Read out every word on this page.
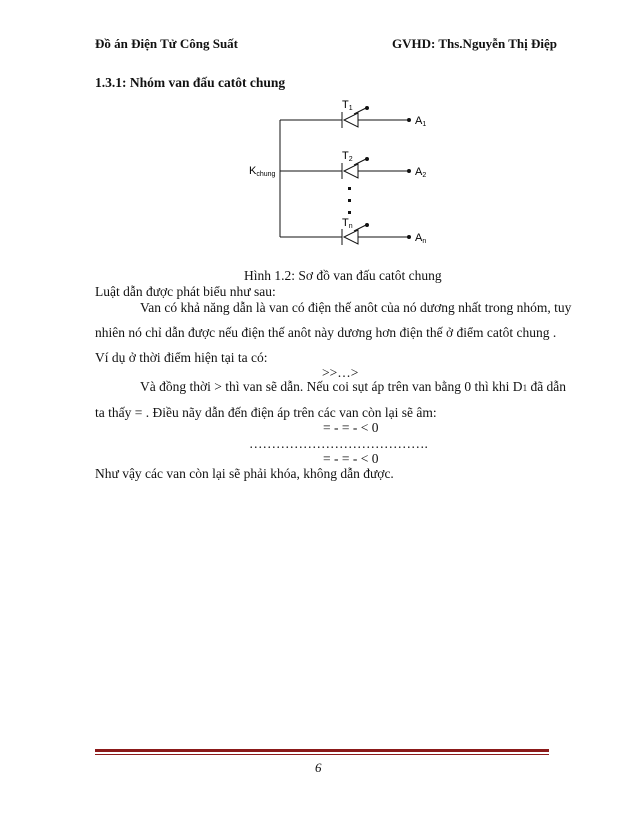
Đồ án Điện Tử Công Suất	GVHD: Ths.Nguyễn Thị Điệp
1.3.1: Nhóm van đấu catôt chung
T1
T2
Tn
A1
A2
An
Kchung
Hình 1.2: Sơ đồ van đấu catôt chung
Luật dẫn được phát biểu như sau:
Van có khả năng dẫn là van có điện thế anôt của nó dương nhất trong nhóm, tuy
nhiên nó chỉ dẫn được nếu điện thế anôt này dương hơn điện thế ở điểm catôt chung .
Ví dụ ở thời điểm hiện tại ta có:
>>…>
Và đồng thời > thì van sẽ dẫn. Nếu coi sụt áp trên van bằng 0 thì khi D1 đã dẫn
ta thấy = . Điều nãy dẫn đến điện áp trên các van còn lại sẽ âm:
= - = - < 0
………………………………….
= - = - < 0
Như vậy các van còn lại sẽ phải khóa, không dẫn được.
6
